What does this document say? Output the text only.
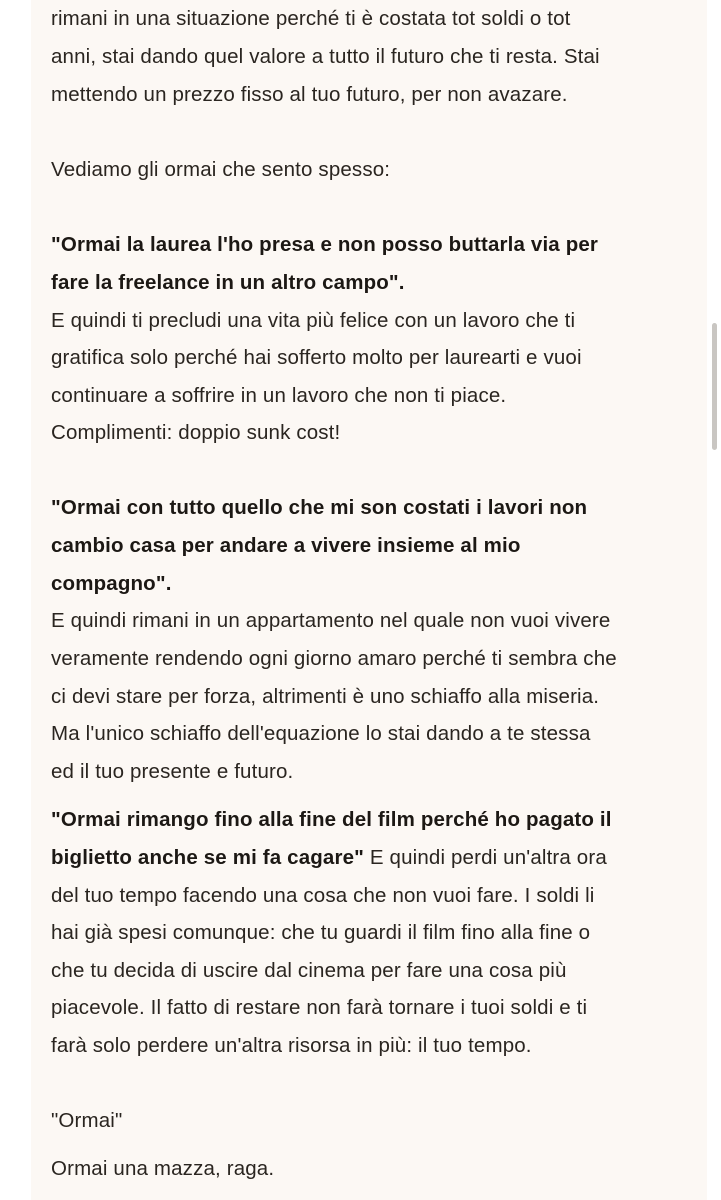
rimani in una situazione perché ti è costata tot soldi o tot
anni, stai dando quel valore a tutto il futuro che ti resta. Stai
mettendo un prezzo fisso al tuo futuro, per non avazare.
Vediamo gli ormai che sento spesso:
"Ormai la laurea l'ho presa e non posso buttarla via per
fare la freelance in un altro campo".
E quindi ti precludi una vita più felice con un lavoro che ti
gratifica solo perché hai sofferto molto per laurearti e vuoi
continuare a soffrire in un lavoro che non ti piace.
Complimenti: doppio sunk cost!
"Ormai con tutto quello che mi son costati i lavori non
cambio casa per andare a vivere insieme al mio
compagno".
E quindi rimani in un appartamento nel quale non vuoi vivere
veramente rendendo ogni giorno amaro perché ti sembra che
ci devi stare per forza, altrimenti è uno schiaffo alla miseria.
Ma l'unico schiaffo dell'equazione lo stai dando a te stessa
ed il tuo presente e futuro.
"Ormai rimango fino alla fine del film perché ho pagato il
biglietto anche se mi fa cagare" E quindi perdi un'altra ora
del tuo tempo facendo una cosa che non vuoi fare. I soldi li
hai già spesi comunque: che tu guardi il film fino alla fine o
che tu decida di uscire dal cinema per fare una cosa più
piacevole. Il fatto di restare non farà tornare i tuoi soldi e ti
farà solo perdere un'altra risorsa in più: il tuo tempo.
"Ormai"
Ormai una mazza, raga.
